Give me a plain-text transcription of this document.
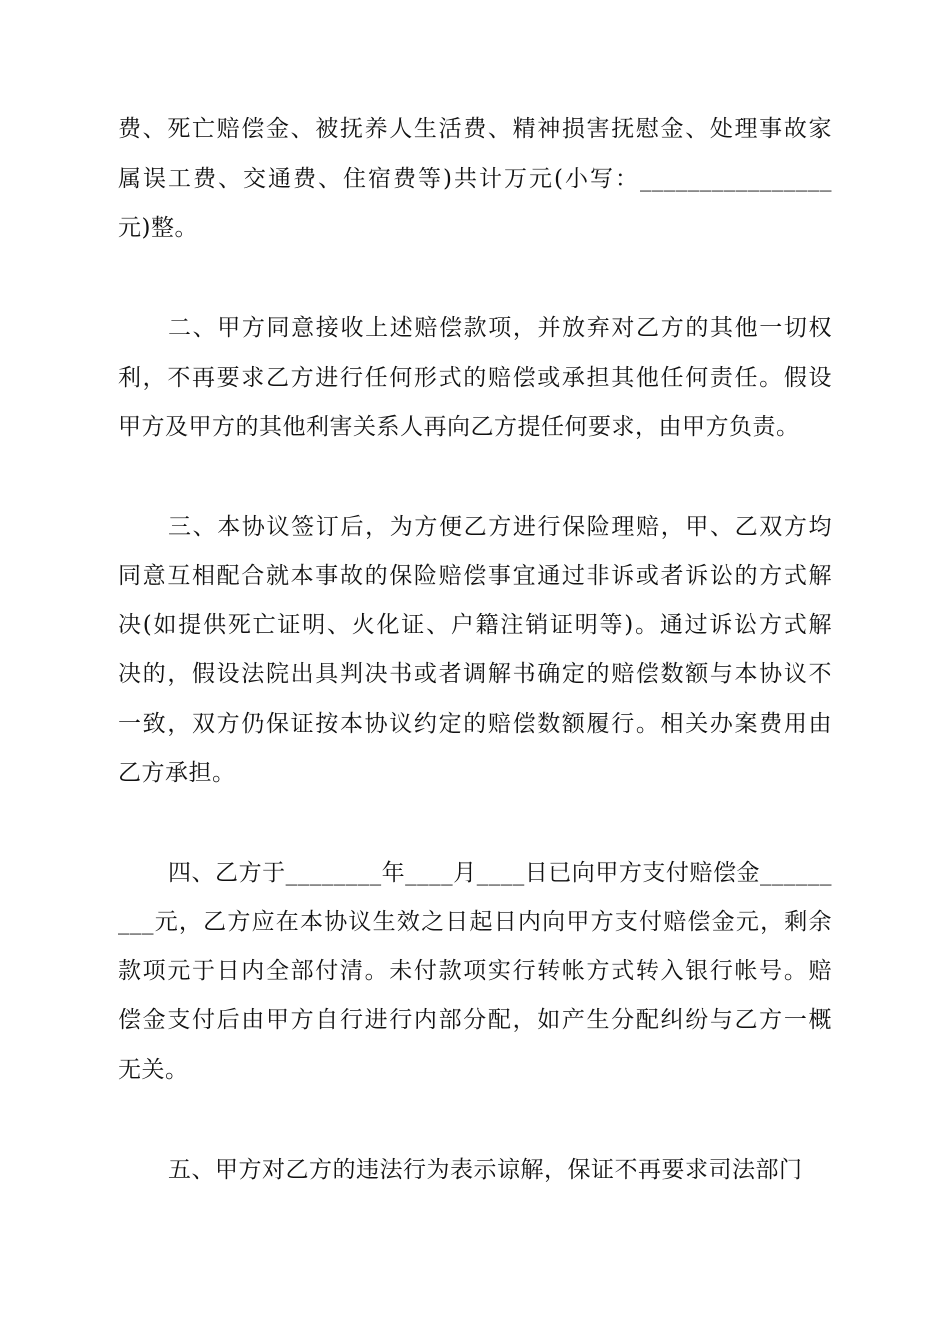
费、死亡赔偿金、被抚养人生活费、精神损害抚慰金、处理事故家
属误工费、交通费、住宿费等)共计万元(小写：________________
元)整。
二、甲方同意接收上述赔偿款项，并放弃对乙方的其他一切权
利，不再要求乙方进行任何形式的赔偿或承担其他任何责任。假设
甲方及甲方的其他利害关系人再向乙方提任何要求，由甲方负责。
三、本协议签订后，为方便乙方进行保险理赔，甲、乙双方均
同意互相配合就本事故的保险赔偿事宜通过非诉或者诉讼的方式解
决(如提供死亡证明、火化证、户籍注销证明等)。通过诉讼方式解
决的，假设法院出具判决书或者调解书确定的赔偿数额与本协议不
一致，双方仍保证按本协议约定的赔偿数额履行。相关办案费用由
乙方承担。
四、乙方于________年____月____日已向甲方支付赔偿金______
___元，乙方应在本协议生效之日起日内向甲方支付赔偿金元，剩余
款项元于日内全部付清。未付款项实行转帐方式转入银行帐号。赔
偿金支付后由甲方自行进行内部分配，如产生分配纠纷与乙方一概
无关。
五、甲方对乙方的违法行为表示谅解，保证不再要求司法部门
